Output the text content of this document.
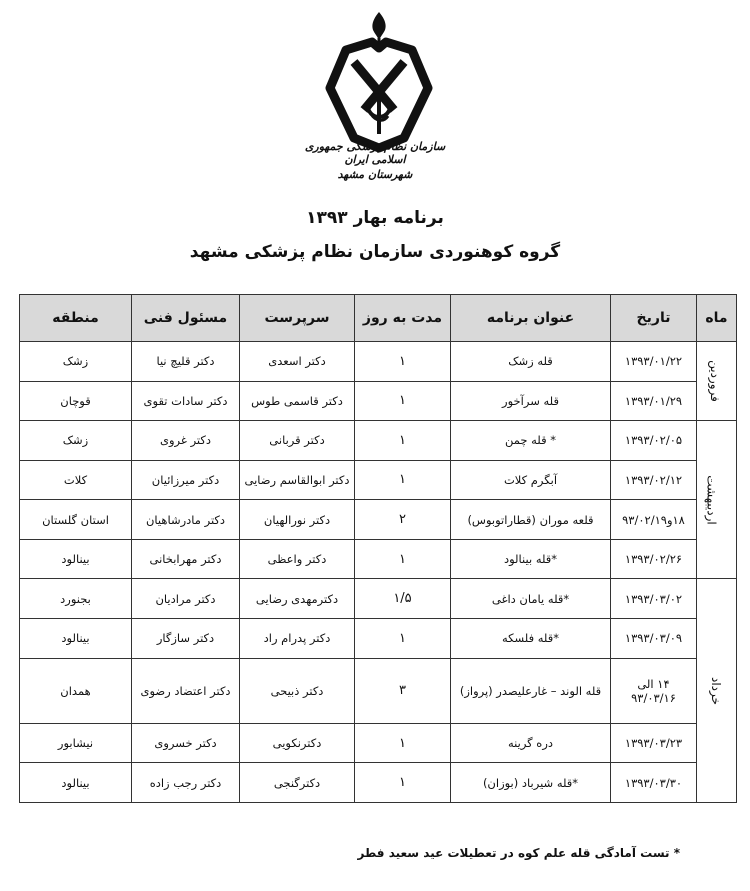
سازمان نظام پزشکی جمهوری اسلامی ایران
شهرستان مشهد
برنامه بهار ۱۳۹۳
گروه کوهنوردی سازمان نظام پزشکی مشهد
ماه	تاریخ	عنوان برنامه	مدت به روز	سرپرست	مسئول فنی	منطقه
فروردین	۱۳۹۳/۰۱/۲۲	قله زشک	۱	دکتر اسعدی	دکتر قلیچ نیا	زشک
	۱۳۹۳/۰۱/۲۹	قله سرآخور	۱	دکتر قاسمی طوس	دکتر سادات تقوی	قوچان
اردیبهشت	۱۳۹۳/۰۲/۰۵	* قله چمن	۱	دکتر قربانی	دکتر غروی	زشک
	۱۳۹۳/۰۲/۱۲	آبگرم کلات	۱	دکتر ابوالقاسم رضایی	دکتر میرزائیان	کلات
	۱۸و۹۳/۰۲/۱۹	قلعه موران (قطاراتوبوس)	۲	دکتر نورالهیان	دکتر مادرشاهیان	استان گلستان
	۱۳۹۳/۰۲/۲۶	*قله بینالود	۱	دکتر واعظی	دکتر مهرابخانی	بینالود
خرداد	۱۳۹۳/۰۳/۰۲	*قله یامان داغی	۱/۵	دکترمهدی رضایی	دکتر مرادیان	بجنورد
	۱۳۹۳/۰۳/۰۹	*قله فلسکه	۱	دکتر پدرام راد	دکتر سازگار	بینالود
	۱۴ الی ۹۳/۰۳/۱۶	قله الوند – غارعلیصدر (پرواز)	۳	دکتر ذبیحی	دکتر اعتضاد رضوی	همدان
	۱۳۹۳/۰۳/۲۳	دره گرینه	۱	دکترنکویی	دکتر خسروی	نیشابور
	۱۳۹۳/۰۳/۳۰	*قله شیرباد (بوزان)	۱	دکترگنجی	دکتر رجب زاده	بینالود
* تست آمادگی قله علم کوه در تعطیلات عید سعید فطر
